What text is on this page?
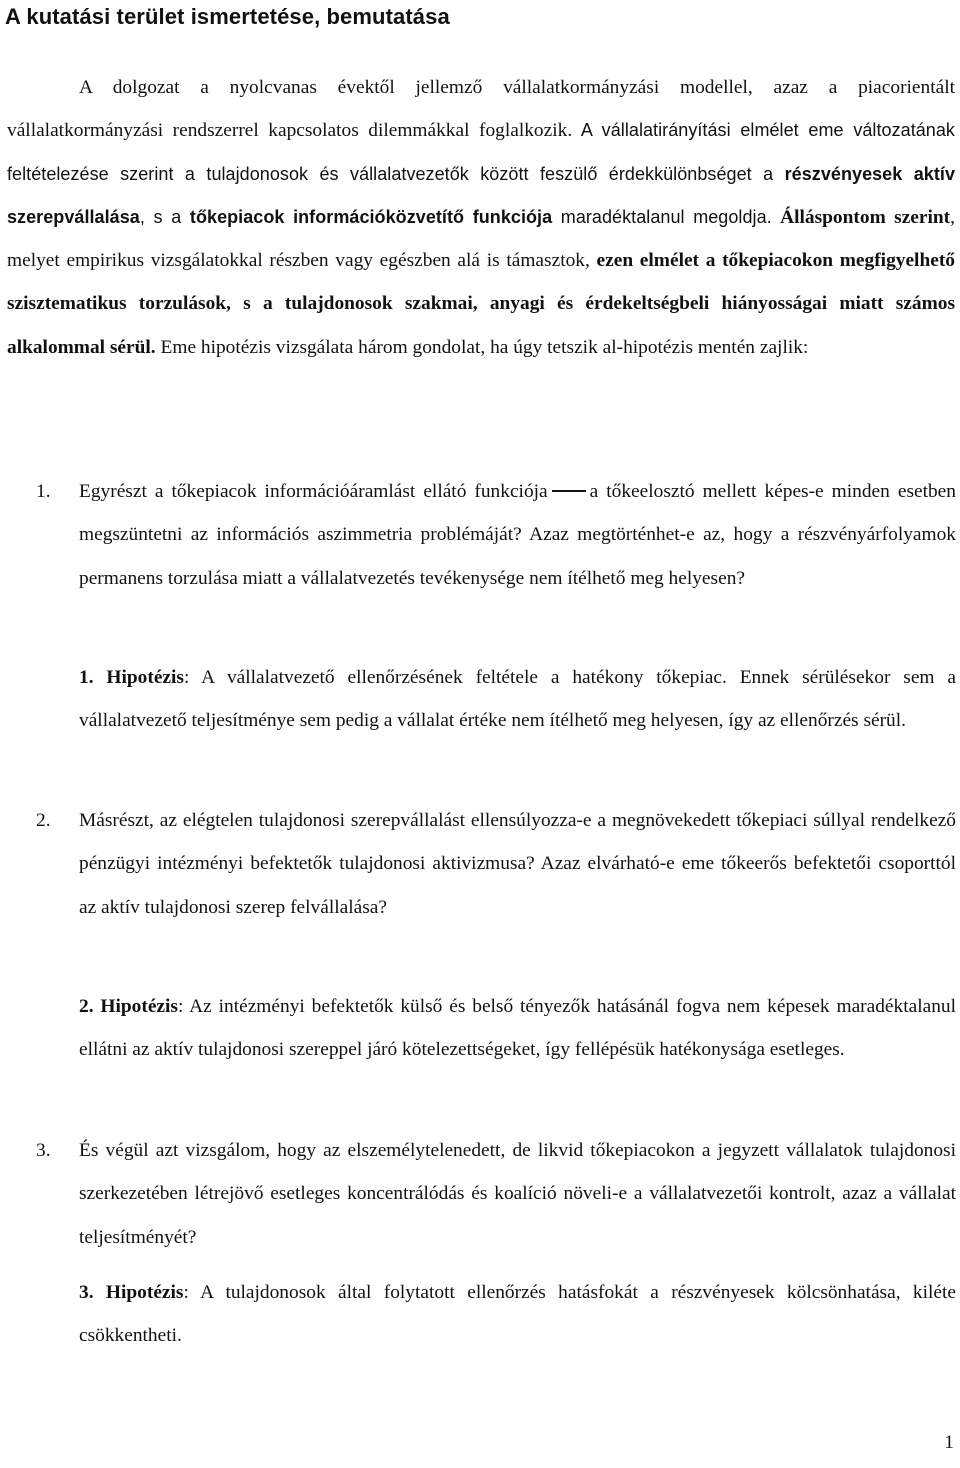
A kutatási terület ismertetése, bemutatása

A dolgozat a nyolcvanas évektől jellemző vállalatkormányzási modellel, azaz a piacorientált vállalatkormányzási rendszerrel kapcsolatos dilemmákkal foglalkozik. A vállalatirányítási elmélet eme változatának feltételezése szerint a tulajdonosok és vállalatvezetők között feszülő érdekkülönbséget a részvényesek aktív szerepvállalása, s a tőkepiacok információközvetítő funkciója maradéktalanul megoldja. Álláspontom szerint, melyet empirikus vizsgálatokkal részben vagy egészben alá is támasztok, ezen elmélet a tőkepiacokon megfigyelhető szisztematikus torzulások, s a tulajdonosok szakmai, anyagi és érdekeltségbeli hiányosságai miatt számos alkalommal sérül. Eme hipotézis vizsgálata három gondolat, ha úgy tetszik al-hipotézis mentén zajlik:

1. Egyrészt a tőkepiacok információáramlást ellátó funkciója a tőkeelosztó mellett képes-e minden esetben megszüntetni az információs aszimmetria problémáját? Azaz megtörténhet-e az, hogy a részvényárfolyamok permanens torzulása miatt a vállalatvezetés tevékenysége nem ítélhető meg helyesen?

1. Hipotézis: A vállalatvezető ellenőrzésének feltétele a hatékony tőkepiac. Ennek sérülésekor sem a vállalatvezető teljesítménye sem pedig a vállalat értéke nem ítélhető meg helyesen, így az ellenőrzés sérül.

2. Másrészt, az elégtelen tulajdonosi szerepvállalást ellensúlyozza-e a megnövekedett tőkepiaci súllyal rendelkező pénzügyi intézményi befektetők tulajdonosi aktivizmusa? Azaz elvárható-e eme tőkeerős befektetői csoporttól az aktív tulajdonosi szerep felvállalása?

2. Hipotézis: Az intézményi befektetők külső és belső tényezők hatásánál fogva nem képesek maradéktalanul ellátni az aktív tulajdonosi szereppel járó kötelezettségeket, így fellépésük hatékonysága esetleges.

3. És végül azt vizsgálom, hogy az elszemélytelenedett, de likvid tőkepiacokon a jegyzett vállalatok tulajdonosi szerkezetében létrejövő esetleges koncentrálódás és koalíció növeli-e a vállalatvezetői kontrolt, azaz a vállalat teljesítményét?

3. Hipotézis: A tulajdonosok által folytatott ellenőrzés hatásfokát a részvényesek kölcsönhatása, kiléte csökkentheti.

1
